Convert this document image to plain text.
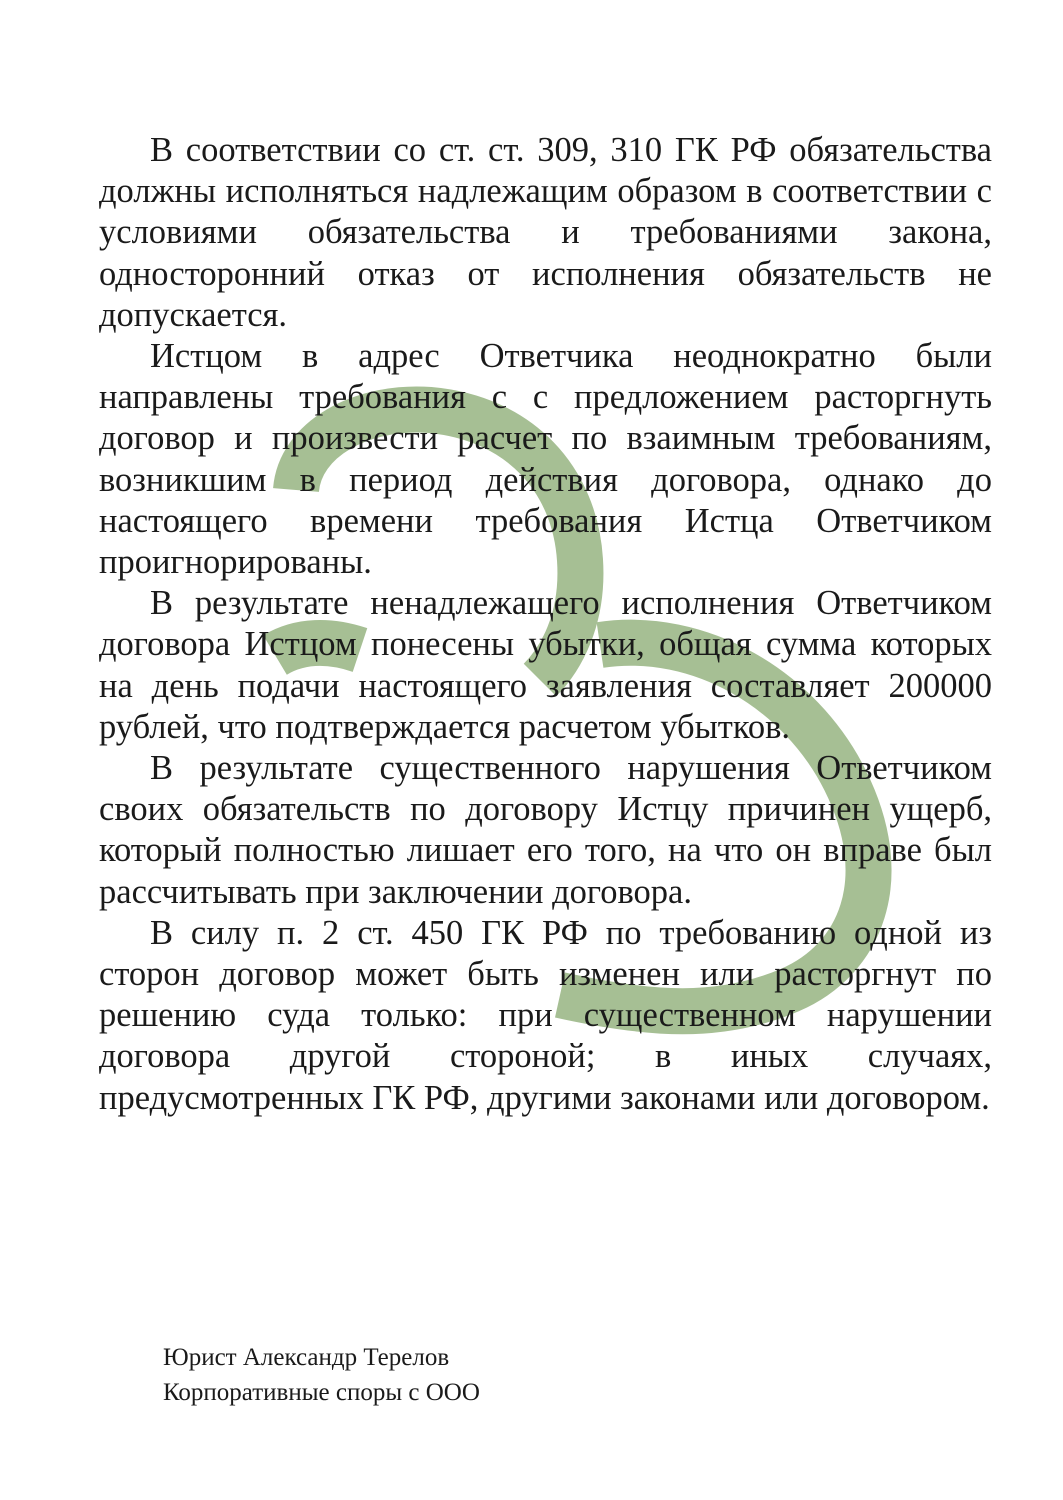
В соответствии со ст. ст. 309, 310 ГК РФ обязательства должны исполняться надлежащим образом в соответствии с условиями обязательства и требованиями закона, односторонний отказ от исполнения обязательств не допускается.

Истцом в адрес Ответчика неоднократно были направлены требования с с предложением расторгнуть договор и произвести расчет по взаимным требованиям, возникшим в период действия договора, однако до настоящего времени требования Истца Ответчиком проигнорированы.

В результате ненадлежащего исполнения Ответчиком договора Истцом понесены убытки, общая сумма которых на день подачи настоящего заявления составляет 200000 рублей, что подтверждается расчетом убытков.

В результате существенного нарушения Ответчиком своих обязательств по договору Истцу причинен ущерб, который полностью лишает его того, на что он вправе был рассчитывать при заключении договора.

В силу п. 2 ст. 450 ГК РФ по требованию одной из сторон договор может быть изменен или расторгнут по решению суда только: при существенном нарушении договора другой стороной; в иных случаях, предусмотренных ГК РФ, другими законами или договором.

Юрист Александр Терелов
Корпоративные споры с ООО
